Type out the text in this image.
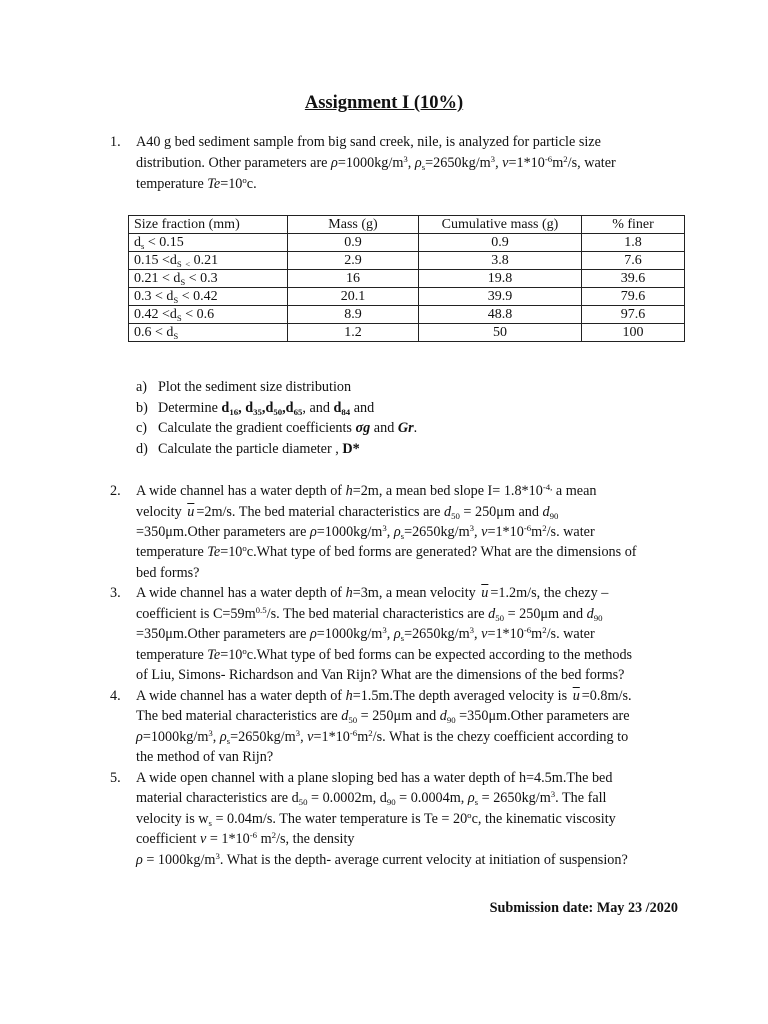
Assignment I (10%)
1. A40 g bed sediment sample from big sand creek, nile, is analyzed for particle size
distribution. Other parameters are $\rho=1000kg/m^3$, $\rho_s=2650kg/m^3$, $\nu=1*10^{-6}m^2/s$, water
temperature $Te=10^oc$.
Size fraction (mm)	Mass (g)	Cumulative mass (g)	% finer
$d_s < 0.15$	0.9	0.9	1.8
$0.15 <d_S$ $_<$ 0.21	2.9	3.8	7.6
$0.21 < d_S < 0.3$	16	19.8	39.6
$0.3 < d_S < 0.42$	20.1	39.9	79.6
$0.42 <d_S < 0.6$	8.9	48.8	97.6
$0.6 < d_S$	1.2	50	100
a) Plot the sediment size distribution
b) Determine $d_{16}$, $d_{35},d_{50},d_{65}$, and $d_{84}$ and
c) Calculate the gradient coefficients σg and Gr.
d) Calculate the particle diameter , D*
2. A wide channel has a water depth of h=2m, a mean bed slope $I= 1.8*10^{-4,}$ a mean
velocity $\overline{u} =2m/s$. The bed material characteristics are $d_{50} = 250\mu m$ and $d_{90}$
=350μm.Other parameters are $\rho=1000kg/m^3$, $\rho_s=2650kg/m^3$, $\nu=1*10^{-6}m^2/s$. water
temperature $Te=10^oc.What$ type of bed forms are generated? What are the dimensions of
bed forms?
3. A wide channel has a water depth of h=3m, a mean velocity $\overline{u} =1.2m/s$, the chezy –
coefficient is $C=59m^{0.5}/s$. The bed material characteristics are $d_{50} = 250\mu m$ and $d_{90}$
=350μm.Other parameters are $\rho=1000kg/m^3$, $\rho_s=2650kg/m^3$, $\nu=1*10^{-6}m^2/s$. water
temperature $Te=10^oc.What$ type of bed forms can be expected according to the methods
of Liu, Simons- Richardson and Van Rijn? What are the dimensions of the bed forms?
4. A wide channel has a water depth of h=1.5m.The depth averaged velocity is $\overline{u} =0.8m/s$.
The bed material characteristics are $d_{50} = 250\mu m$ and $d_{90}$ =350μm.Other parameters are
$\rho=1000kg/m^3$, $\rho_s=2650kg/m^3$, $\nu=1*10^{-6}m^2/s$. What is the chezy coefficient according to
the method of van Rijn?
5. A wide open channel with a plane sloping bed has a water depth of h=4.5m.The bed
material characteristics are $d_{50} = 0.0002m$, $d_{90} = 0.0004m$, $\rho_s = 2650kg/m^3$. The fall
velocity is $w_s = 0.04m/s$. The water temperature is $Te = 20^oc$, the kinematic viscosity
coefficient $\nu = 1*10^{-6}$ $m^2/s$, the density
$\rho = 1000kg/m^3$. What is the depth- average current velocity at initiation of suspension?
Submission date: May 23 /2020
